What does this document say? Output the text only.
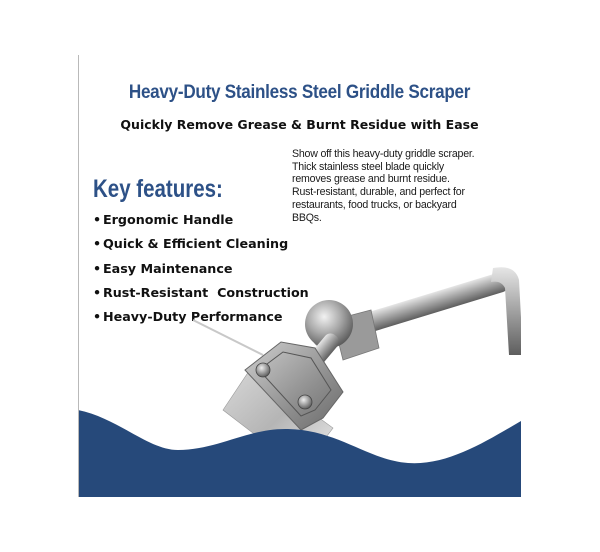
Heavy-Duty Stainless Steel Griddle Scraper
Quickly Remove Grease & Burnt Residue with Ease
Show off this heavy-duty griddle scraper.
Thick stainless steel blade quickly
removes grease and burnt residue.
Rust-resistant, durable, and perfect for
restaurants, food trucks, or backyard
BBQs.
Key features:
• Ergonomic Handle
• Quick & Efficient Cleaning
• Easy Maintenance
• Rust-Resistant  Construction
• Heavy-Duty Performance
